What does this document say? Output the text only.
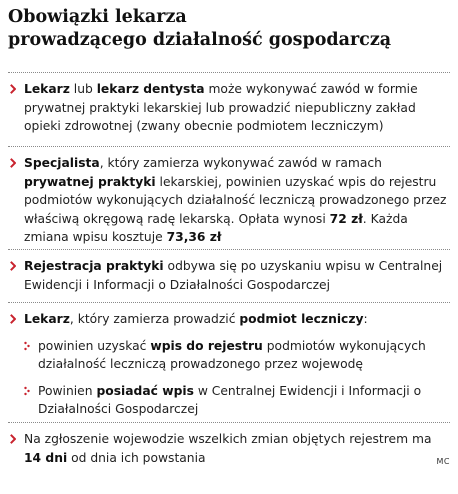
Obowiązki lekarza
prowadzącego działalność gospodarczą

Lekarz lub lekarz dentysta może wykonywać zawód w formie prywatnej praktyki lekarskiej lub prowadzić niepubliczny zakład opieki zdrowotnej (zwany obecnie podmiotem leczniczym)

Specjalista, który zamierza wykonywać zawód w ramach prywatnej praktyki lekarskiej, powinien uzyskać wpis do rejestru podmiotów wykonujących działalność leczniczą prowadzonego przez właściwą okręgową radę lekarską. Opłata wynosi 72 zł. Każda zmiana wpisu kosztuje 73,36 zł

Rejestracja praktyki odbywa się po uzyskaniu wpisu w Centralnej Ewidencji i Informacji o Działalności Gospodarczej

Lekarz, który zamierza prowadzić podmiot leczniczy:

powinien uzyskać wpis do rejestru podmiotów wykonujących działalność leczniczą prowadzonego przez wojewodę
Powinien posiadać wpis w Centralnej Ewidencji i Informacji o Działalności Gospodarczej

Na zgłoszenie wojewodzie wszelkich zmian objętych rejestrem ma 14 dni od dnia ich powstania	MC
